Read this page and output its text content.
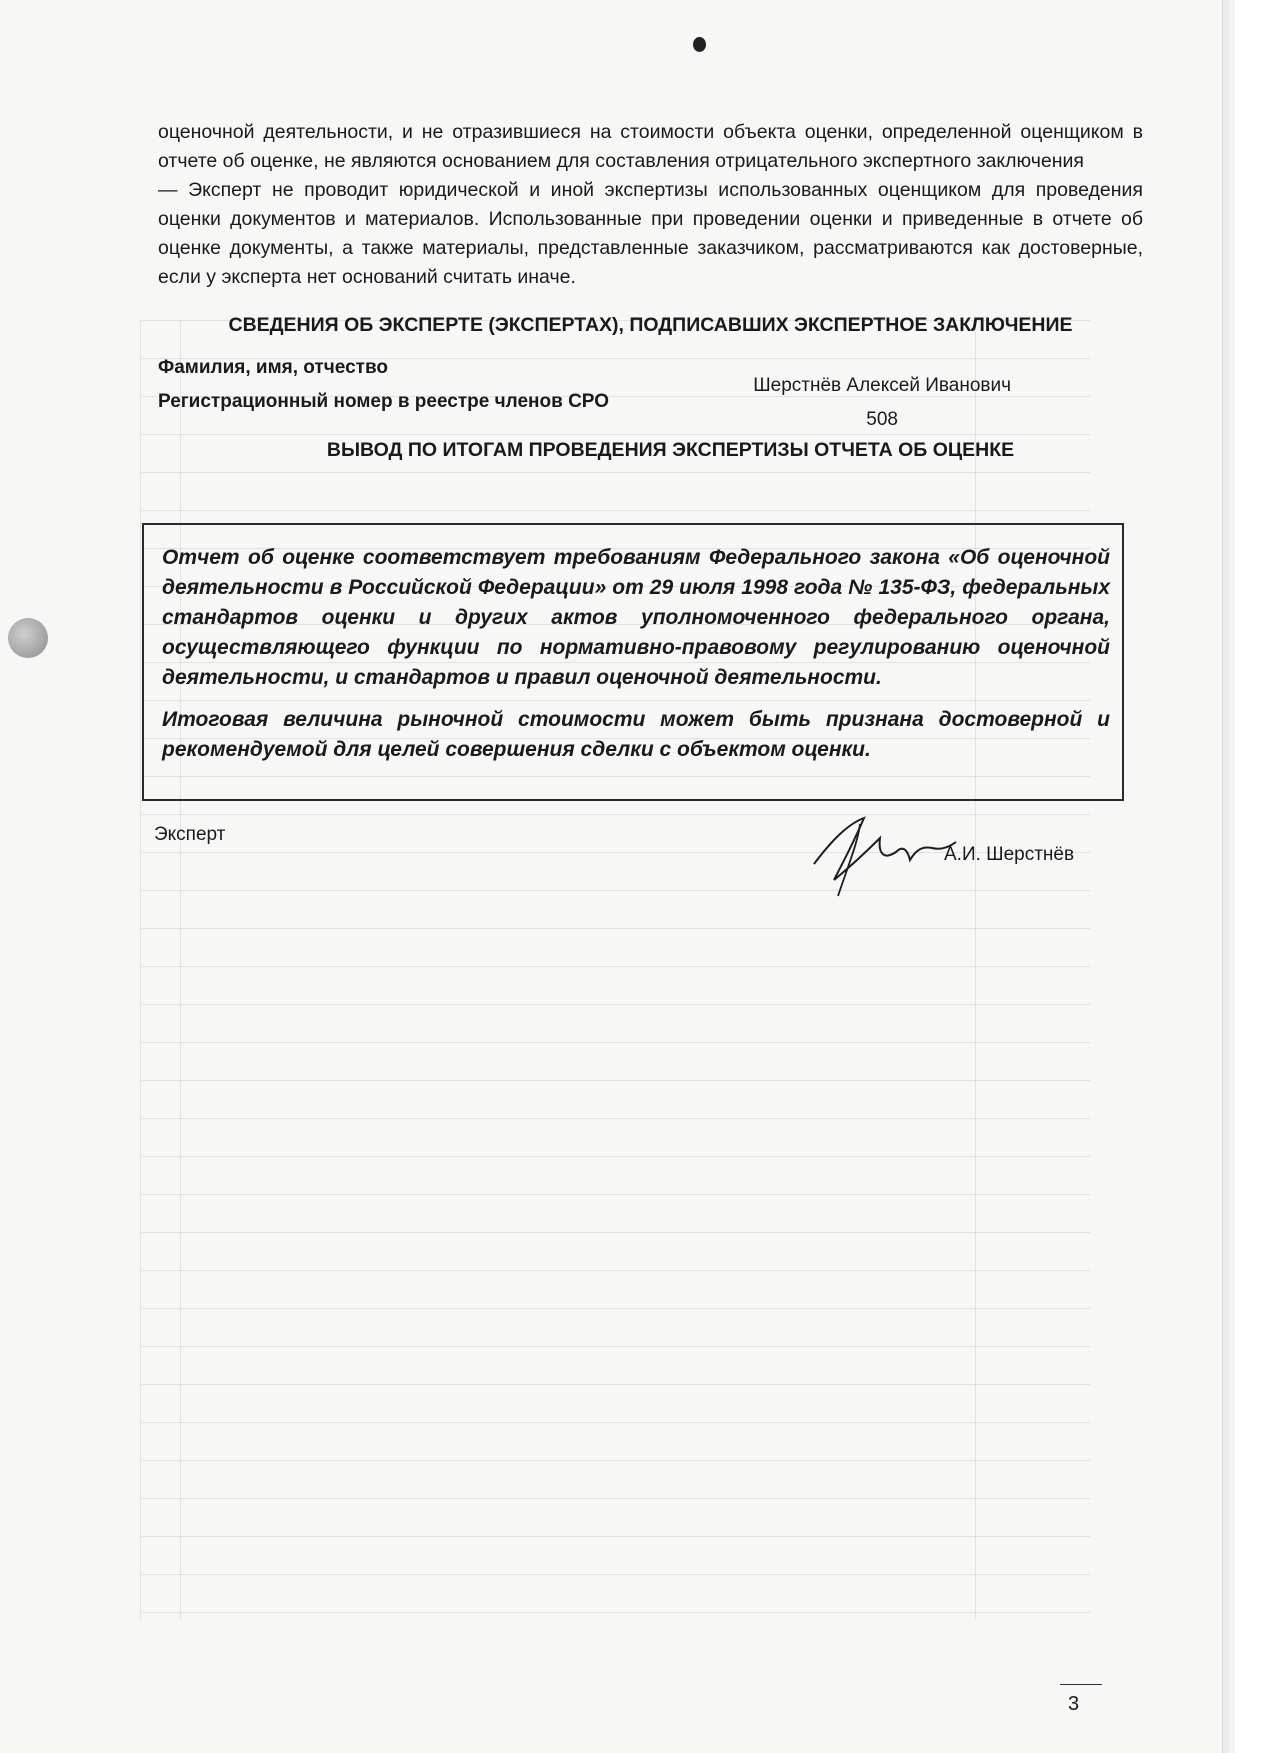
оценочной деятельности, и не отразившиеся на стоимости объекта оценки, определенной оценщиком в отчете об оценке, не являются основанием для составления отрицательного экспертного заключения

— Эксперт не проводит юридической и иной экспертизы использованных оценщиком для проведения оценки документов и материалов. Использованные при проведении оценки и приведенные в отчете об оценке документы, а также материалы, представленные заказчиком, рассматриваются как достоверные, если у эксперта нет оснований считать иначе.

СВЕДЕНИЯ ОБ ЭКСПЕРТЕ (ЭКСПЕРТАХ), ПОДПИСАВШИХ ЭКСПЕРТНОЕ ЗАКЛЮЧЕНИЕ
Фамилия, имя, отчество
Шерстнёв Алексей Иванович
Регистрационный номер в реестре членов СРО
508
ВЫВОД ПО ИТОГАМ ПРОВЕДЕНИЯ ЭКСПЕРТИЗЫ ОТЧЕТА ОБ ОЦЕНКЕ

Отчет об оценке соответствует требованиям Федерального закона «Об оценочной деятельности в Российской Федерации» от 29 июля 1998 года № 135-ФЗ, федеральных стандартов оценки и других актов уполномоченного федерального органа, осуществляющего функции по нормативно-правовому регулированию оценочной деятельности, и стандартов и правил оценочной деятельности.

Итоговая величина рыночной стоимости может быть признана достоверной и рекомендуемой для целей совершения сделки с объектом оценки.

Эксперт
А.И. Шерстнёв
3
